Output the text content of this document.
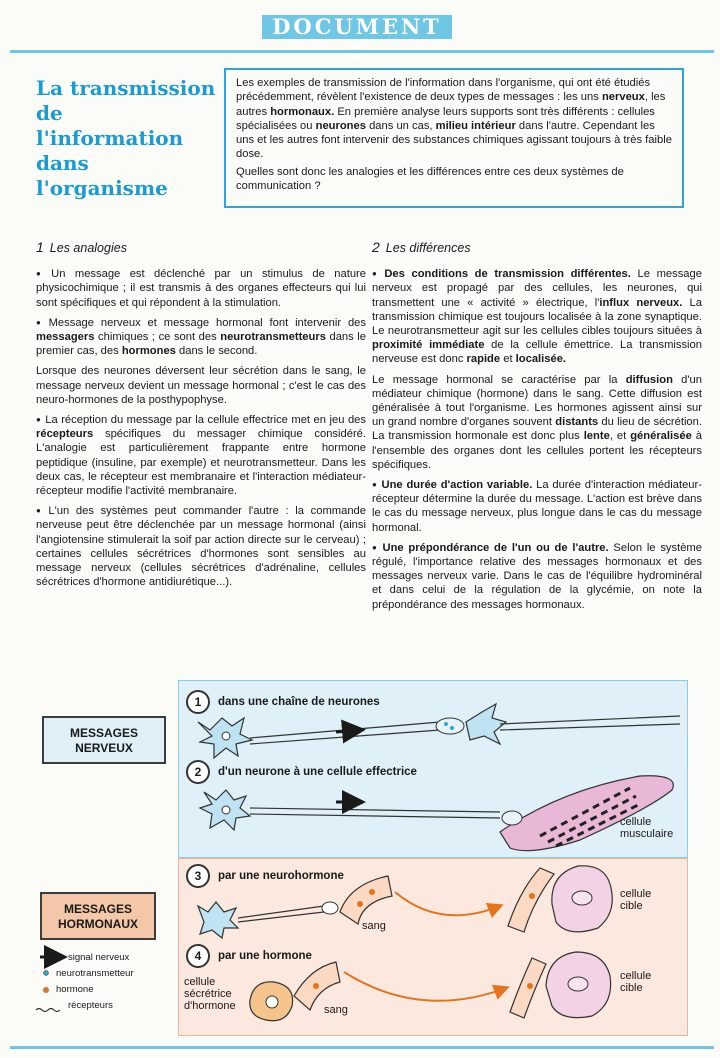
DOCUMENT
La transmission
de l'information
dans l'organisme

Les exemples de transmission de l'information dans l'organisme, qui ont été étudiés précédemment, révèlent l'existence de deux types de messages : les uns nerveux, les autres hormonaux. En première analyse leurs supports sont très différents : cellules spécialisées ou neurones dans un cas, milieu intérieur dans l'autre. Cependant les uns et les autres font intervenir des substances chimiques agissant toujours à très faible dose.

Quelles sont donc les analogies et les différences entre ces deux systèmes de communication ?

1 Les analogies

● Un message est déclenché par un stimulus de nature physicochimique ; il est transmis à des organes effecteurs qui lui sont spécifiques et qui répondent à la stimulation.

● Message nerveux et message hormonal font intervenir des messagers chimiques ; ce sont des neurotransmetteurs dans le premier cas, des hormones dans le second.

Lorsque des neurones déversent leur sécrétion dans le sang, le message nerveux devient un message hormonal ; c'est le cas des neuro-hormones de la posthypophyse.

● La réception du message par la cellule effectrice met en jeu des récepteurs spécifiques du messager chimique considéré. L'analogie est particulièrement frappante entre hormone peptidique (insuline, par exemple) et neurotransmetteur. Dans les deux cas, le récepteur est membranaire et l'interaction médiateur-récepteur modifie l'activité membranaire.

● L'un des systèmes peut commander l'autre : la commande nerveuse peut être déclenchée par un message hormonal (ainsi l'angiotensine stimulerait la soif par action directe sur le cerveau) ; certaines cellules sécrétrices d'hormones sont sensibles au message nerveux (cellules sécrétrices d'adrénaline, cellules sécrétrices d'hormone antidiurétique...).

2 Les différences

● Des conditions de transmission différentes. Le message nerveux est propagé par des cellules, les neurones, qui transmettent une « activité » électrique, l'influx nerveux. La transmission chimique est toujours localisée à la zone synaptique. Le neurotransmetteur agit sur les cellules cibles toujours situées à proximité immédiate de la cellule émettrice. La transmission nerveuse est donc rapide et localisée.

Le message hormonal se caractérise par la diffusion d'un médiateur chimique (hormone) dans le sang. Cette diffusion est généralisée à tout l'organisme. Les hormones agissent ainsi sur un grand nombre d'organes souvent distants du lieu de sécrétion. La transmission hormonale est donc plus lente, et généralisée à l'ensemble des organes dont les cellules portent les récepteurs spécifiques.

● Une durée d'action variable. La durée d'interaction médiateur-récepteur détermine la durée du message. L'action est brève dans le cas du message nerveux, plus longue dans le cas du message hormonal.

● Une prépondérance de l'un ou de l'autre. Selon le système régulé, l'importance relative des messages hormonaux et des messages nerveux varie. Dans le cas de l'équilibre hydrominéral et dans celui de la régulation de la glycémie, on note la prépondérance des messages hormonaux.

MESSAGES
NERVEUX
MESSAGES
HORMONAUX
1	dans une chaîne de neurones
2	d'un neurone à une cellule effectrice
3	par une neurohormone
4	par une hormone
cellule
musculaire
cellule
cible
cellule
cible
sang
sang
cellule
sécrétrice
d'hormone
signal nerveux
neurotransmetteur
hormone
récepteurs
